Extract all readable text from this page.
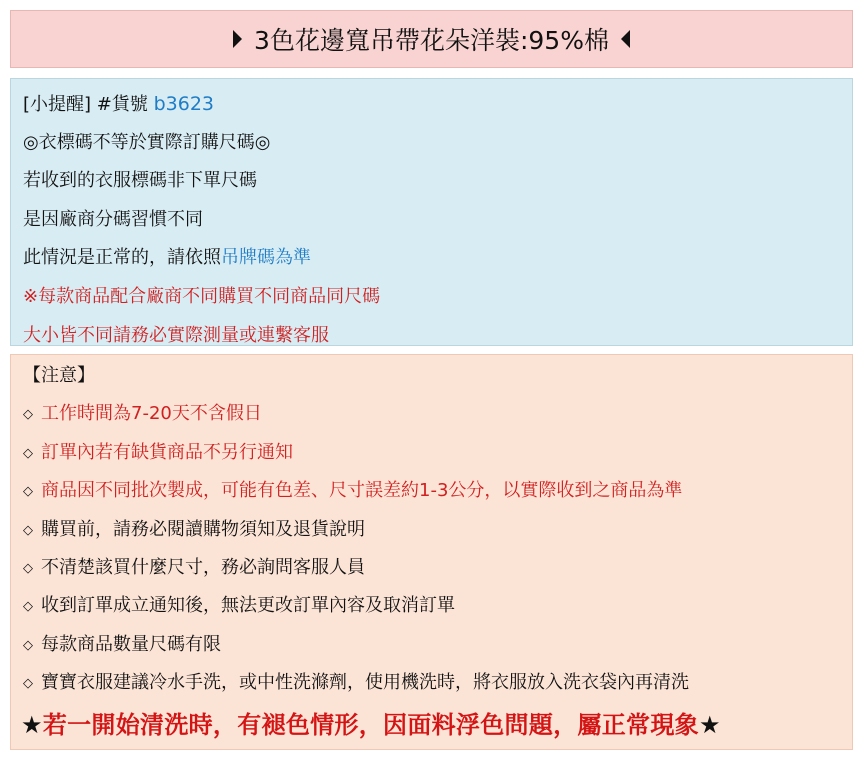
3色花邊寬吊帶花朵洋裝:95%棉
[小提醒] #貨號 b3623
◎衣標碼不等於實際訂購尺碼◎
若收到的衣服標碼非下單尺碼
是因廠商分碼習慣不同
此情況是正常的，請依照吊牌碼為準
※每款商品配合廠商不同購買不同商品同尺碼
大小皆不同請務必實際測量或連繫客服
【注意】
◇ 工作時間為7-20天不含假日
◇ 訂單內若有缺貨商品不另行通知
◇ 商品因不同批次製成，可能有色差、尺寸誤差約1-3公分，以實際收到之商品為準
◇ 購買前，請務必閱讀購物須知及退貨說明
◇ 不清楚該買什麼尺寸，務必詢問客服人員
◇ 收到訂單成立通知後，無法更改訂單內容及取消訂單
◇ 每款商品數量尺碼有限
◇ 寶寶衣服建議冷水手洗，或中性洗滌劑，使用機洗時，將衣服放入洗衣袋內再清洗
★若一開始清洗時，有褪色情形，因面料浮色問題，屬正常現象★
